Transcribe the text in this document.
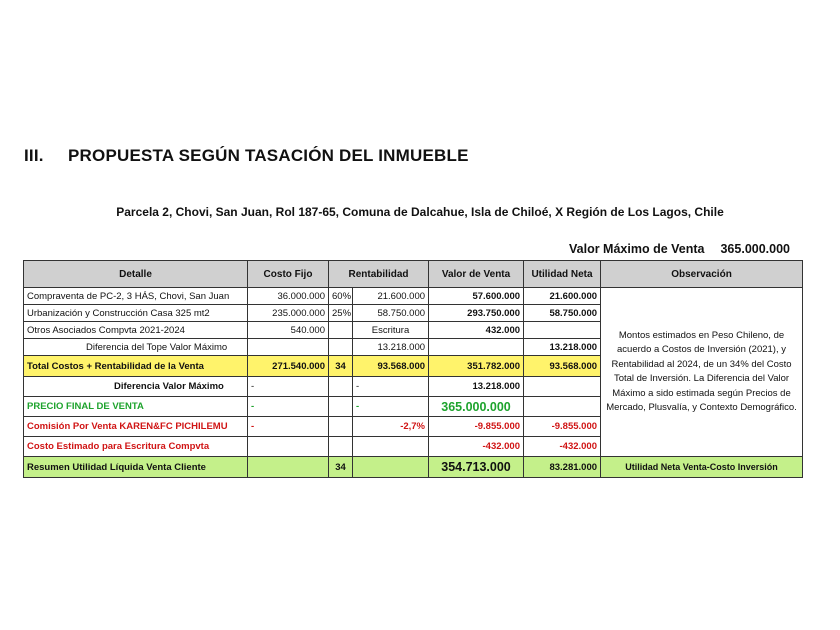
III. PROPUESTA SEGÚN TASACIÓN DEL INMUEBLE
Parcela 2, Chovi, San Juan, Rol 187-65, Comuna de Dalcahue, Isla de Chiloé, X Región de Los Lagos, Chile
Valor Máximo de Venta 365.000.000
Detalle	Costo Fijo	Rentabilidad		Valor de Venta	Utilidad Neta	Observación
Compraventa de PC-2, 3 HÁS, Chovi, San Juan	36.000.000	60%	21.600.000	57.600.000	21.600.000	Montos estimados en Peso Chileno, de acuerdo a Costos de Inversión (2021), y Rentabilidad al 2024, de un 34% del Costo Total de Inversión. La Diferencia del Valor Máximo a sido estimada según Precios de Mercado, Plusvalía, y Contexto Demográfico.
Urbanización y Construcción Casa 325 mt2	235.000.000	25%	58.750.000	293.750.000	58.750.000	
Otros Asociados Compvta 2021-2024	540.000		Escritura	432.000		
Diferencia del Tope Valor Máximo			13.218.000		13.218.000	
Total Costos + Rentabilidad de la Venta	271.540.000	34	93.568.000	351.782.000	93.568.000	
Diferencia Valor Máximo	-		-	13.218.000		
PRECIO FINAL DE VENTA	-		-	365.000.000		
Comisión Por Venta KAREN&FC PICHILEMU	-		-2,7%	-9.855.000	-9.855.000	
Costo Estimado para Escritura Compvta				-432.000	-432.000	
Resumen Utilidad Líquida Venta Cliente		34		354.713.000	83.281.000	Utilidad Neta Venta-Costo Inversión
